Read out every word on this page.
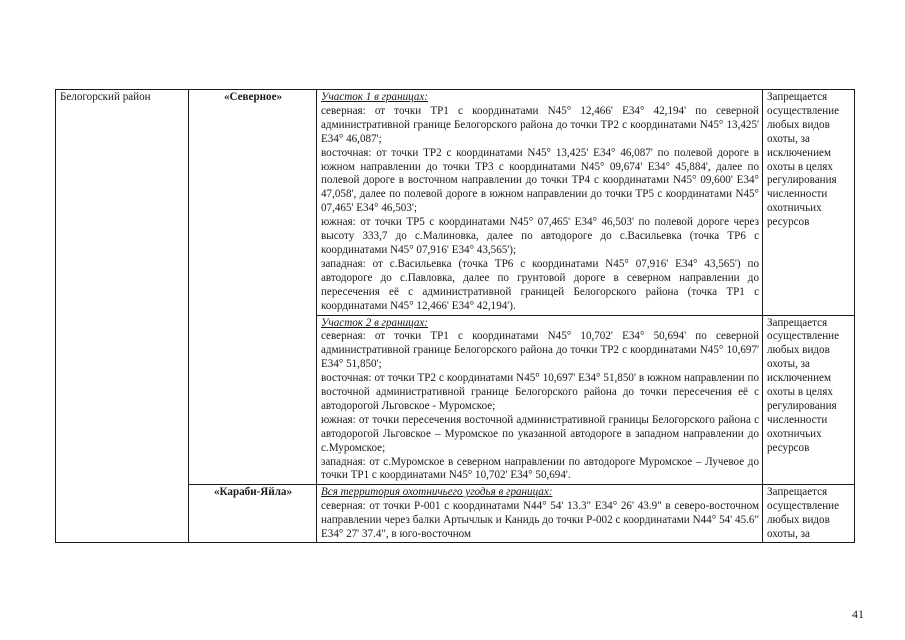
Белогорский район	«Северное»	Участок 1 в границах:
северная: от точки ТР1 с координатами N45° 12,466' E34° 42,194' по северной административной границе Белогорского района до точки ТР2 с координатами N45° 13,425' E34° 46,087';
восточная: от точки ТР2 с координатами N45° 13,425' E34° 46,087' по полевой дороге в южном направлении до точки ТР3 с координатами N45° 09,674' E34° 45,884', далее по полевой дороге в восточном направлении до точки ТР4 с координатами N45° 09,600' E34° 47,058', далее по полевой дороге в южном направлении до точки ТР5 с координатами N45° 07,465' E34° 46,503';
южная: от точки ТР5 с координатами N45° 07,465' E34° 46,503' по полевой дороге через высоту 333,7 до с.Малиновка, далее по автодороге до с.Васильевка (точка ТР6 с координатами N45° 07,916' E34° 43,565');
западная: от с.Васильевка (точка ТР6 с координатами N45° 07,916' E34° 43,565') по автодороге до с.Павловка, далее по грунтовой дороге в северном направлении до пересечения её с административной границей Белогорского района (точка ТР1 с координатами N45° 12,466' E34° 42,194').	Запрещается осуществление любых видов охоты, за исключением охоты в целях регулирования численности охотничьих ресурсов

		Участок 2 в границах:
северная: от точки ТР1 с координатами N45° 10,702' E34° 50,694' по северной административной границе Белогорского района до точки ТР2 с координатами N45° 10,697' E34° 51,850';
восточная: от точки ТР2 с координатами N45° 10,697' E34° 51,850' в южном направлении по восточной административной границе Белогорского района до точки пересечения её с автодорогой Льговское - Муромское;
южная: от точки пересечения восточной административной границы Белогорского района с автодорогой Льговское – Муромское по указанной автодороге в западном направлении до с.Муромское;
западная: от с.Муромское в северном направлении по автодороге Муромское – Лучевое до точки ТР1 с координатами N45° 10,702' E34° 50,694'.	Запрещается осуществление любых видов охоты, за исключением охоты в целях регулирования численности охотничьих ресурсов
	«Караби-Яйла»	Вся территория охотничьего угодья в границах:
северная: от точки Р-001 с координатами N44° 54' 13.3" E34° 26' 43.9" в северо-восточном направлении через балки Артычлык и Канидь до точки Р-002 с координатами N44° 54' 45.6" E34° 27' 37.4", в юго-восточном	Запрещается осуществление любых видов охоты, за
41
